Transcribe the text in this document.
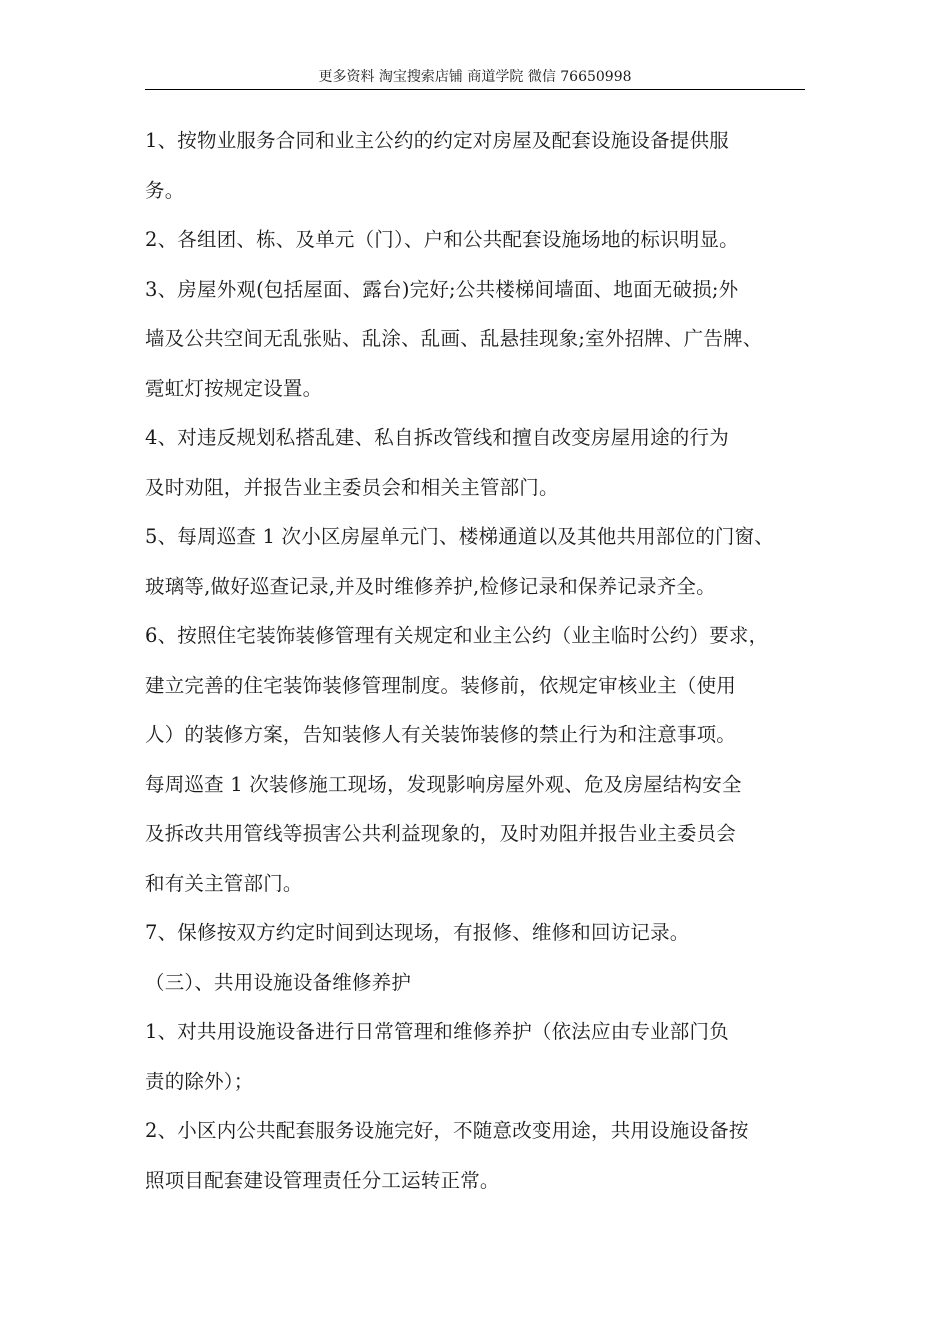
更多资料 淘宝搜索店铺 商道学院 微信 76650998
1、按物业服务合同和业主公约的约定对房屋及配套设施设备提供服
务。
2、各组团、栋、及单元（门）、户和公共配套设施场地的标识明显。
3、房屋外观(包括屋面、露台)完好;公共楼梯间墙面、地面无破损;外
墙及公共空间无乱张贴、乱涂、乱画、乱悬挂现象;室外招牌、广告牌、
霓虹灯按规定设置。
4、对违反规划私搭乱建、私自拆改管线和擅自改变房屋用途的行为
及时劝阻，并报告业主委员会和相关主管部门。
5、每周巡查 1 次小区房屋单元门、楼梯通道以及其他共用部位的门窗、
玻璃等,做好巡查记录,并及时维修养护,检修记录和保养记录齐全。
6、按照住宅装饰装修管理有关规定和业主公约（业主临时公约）要求，
建立完善的住宅装饰装修管理制度。装修前，依规定审核业主（使用
人）的装修方案，告知装修人有关装饰装修的禁止行为和注意事项。
每周巡查 1 次装修施工现场，发现影响房屋外观、危及房屋结构安全
及拆改共用管线等损害公共利益现象的，及时劝阻并报告业主委员会
和有关主管部门。
7、保修按双方约定时间到达现场，有报修、维修和回访记录。
（三）、共用设施设备维修养护
1、对共用设施设备进行日常管理和维修养护（依法应由专业部门负
责的除外）；
2、小区内公共配套服务设施完好，不随意改变用途，共用设施设备按
照项目配套建设管理责任分工运转正常。
